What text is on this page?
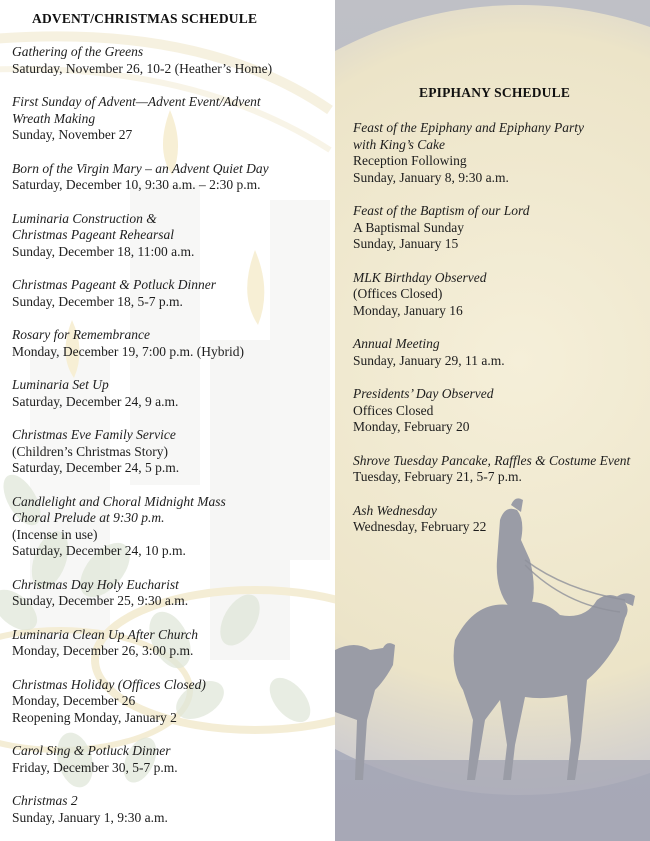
ADVENT/CHRISTMAS SCHEDULE
Gathering of the Greens
Saturday, November 26, 10-2 (Heather’s Home)
First Sunday of Advent—Advent Event/Advent
Wreath Making
Sunday, November 27
Born of the Virgin Mary – an Advent Quiet Day
Saturday, December 10, 9:30 a.m. – 2:30 p.m.
Luminaria Construction &
Christmas Pageant Rehearsal
Sunday, December 18, 11:00 a.m.
Christmas Pageant & Potluck Dinner
Sunday, December 18, 5-7 p.m.
Rosary for Remembrance
Monday, December 19, 7:00 p.m. (Hybrid)
Luminaria Set Up
Saturday, December 24, 9 a.m.
Christmas Eve Family Service
(Children’s Christmas Story)
Saturday, December 24, 5 p.m.
Candlelight and Choral Midnight Mass
Choral Prelude at 9:30 p.m.
(Incense in use)
Saturday, December 24, 10 p.m.
Christmas Day Holy Eucharist
Sunday, December 25, 9:30 a.m.
Luminaria Clean Up After Church
Monday, December 26, 3:00 p.m.
Christmas Holiday (Offices Closed)
Monday, December 26
Reopening Monday, January 2
Carol Sing & Potluck Dinner
Friday, December 30, 5-7 p.m.
Christmas 2
Sunday, January 1, 9:30 a.m.
EPIPHANY SCHEDULE
Feast of the Epiphany and Epiphany Party
with King’s Cake
Reception Following
Sunday, January 8, 9:30 a.m.
Feast of the Baptism of our Lord
A Baptismal Sunday
Sunday, January 15
MLK Birthday Observed
(Offices Closed)
Monday, January 16
Annual Meeting
Sunday, January 29, 11 a.m.
Presidents’ Day Observed
Offices Closed
Monday, February 20
Shrove Tuesday Pancake, Raffles & Costume Event
Tuesday, February 21, 5-7 p.m.
Ash Wednesday
Wednesday, February 22
